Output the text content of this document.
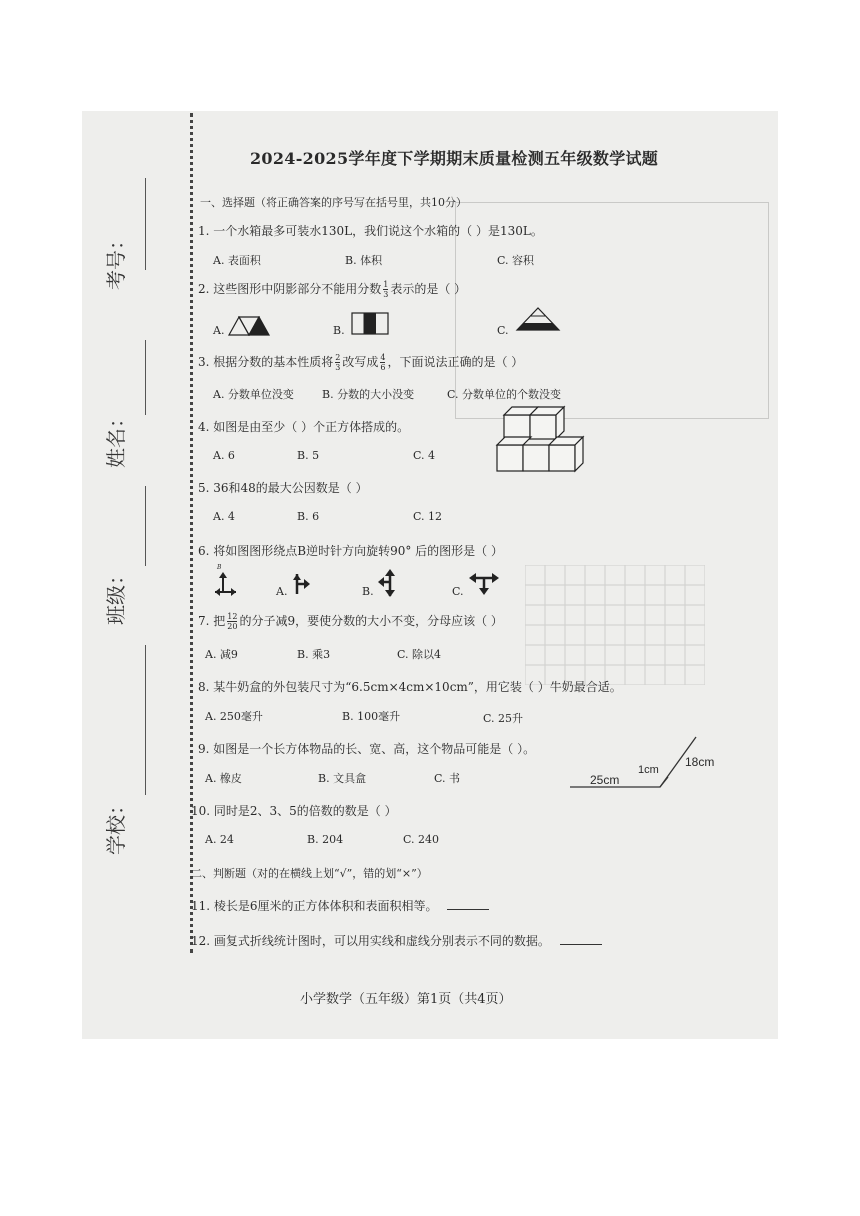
考号：
姓名：
班级：
学校：
2024-2025学年度下学期期末质量检测五年级数学试题
一、选择题（将正确答案的序号写在括号里，共10分）
1. 一个水箱最多可装水130L，我们说这个水箱的（ ）是130L。
A. 表面积	B. 体积	C. 容积
2. 这些图形中阴影部分不能用分数 $\frac{1}{3}$ 表示的是（ ）
A.	B.	C.
3. 根据分数的基本性质将 $\frac{2}{3}$ 改写成 $\frac{4}{6}$ ，下面说法正确的是（ ）
A. 分数单位没变	B. 分数的大小没变	C. 分数单位的个数没变
4. 如图是由至少（ ）个正方体搭成的。
A. 6	B. 5	C. 4
5. 36和48的最大公因数是（ ）
A. 4	B. 6	C. 12
6. 将如图图形绕点B逆时针方向旋转90° 后的图形是（ ）
B
A.	B.	C.
7. 把 $\frac{12}{20}$ 的分子减9，要使分数的大小不变，分母应该（ ）
A. 减9	B. 乘3	C. 除以4
8. 某牛奶盒的外包装尺寸为“6.5cm×4cm×10cm”，用它装（ ）牛奶最合适。
A. 250毫升	B. 100毫升	C. 25升
9. 如图是一个长方体物品的长、宽、高，这个物品可能是（ ）。
A. 橡皮	B. 文具盒	C. 书	25cm
1cm
18cm
10. 同时是2、3、5的倍数的数是（ ）
A. 24	B. 204	C. 240
二、判断题（对的在横线上划“√”，错的划“×”）
11. 棱长是6厘米的正方体体积和表面积相等。
12. 画复式折线统计图时，可以用实线和虚线分别表示不同的数据。
小学数学（五年级）第1页（共4页）
